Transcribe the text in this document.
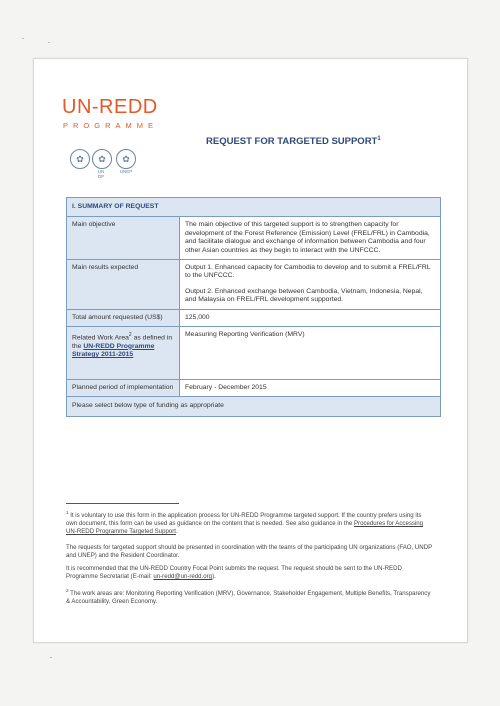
UN-REDD
PROGRAMME
✿	✿	✿
UN
DP
UNEP
REQUEST FOR TARGETED SUPPORT$^1$
I. SUMMARY OF REQUEST	
Main objective	The main objective of this targeted support is to strengthen capacity for development of the Forest Reference (Emission) Level (FREL/FRL) in Cambodia, and facilitate dialogue and exchange of information between Cambodia and four other Asian countries as they begin to interact with the UNFCCC.
Main results expected	Output 1. Enhanced capacity for Cambodia to develop and to submit a FREL/FRL to the UNFCCC.
Output 2. Enhanced exchange between Cambodia, Vietnam, Indonesia, Nepal, and Malaysia on FREL/FRL development supported.

Total amount requested (US$)	125,000
Related Work Area$^2$ as defined in the UN-REDD Programme Strategy 2011-2015	Measuring Reporting Verification (MRV)
Planned period of implementation	February - December 2015
Please select below type of funding as appropriate	
$^1$ It is voluntary to use this form in the application process for UN-REDD Programme targeted support. If the country prefers using its own document, this form can be used as guidance on the content that is needed. See also guidance in the Procedures for Accessing UN-REDD Programme Targeted Support.
The requests for targeted support should be presented in coordination with the teams of the participating UN organizations (FAO, UNDP and UNEP) and the Resident Coordinator.
It is recommended that the UN-REDD Country Focal Point submits the request. The request should be sent to the UN-REDD Programme Secretariat (E-mail: un-redd@un-redd.org).
$^2$ The work areas are: Monitoring Reporting Verification (MRV), Governance, Stakeholder Engagement, Multiple Benefits, Transparency & Accountability, Green Economy.
